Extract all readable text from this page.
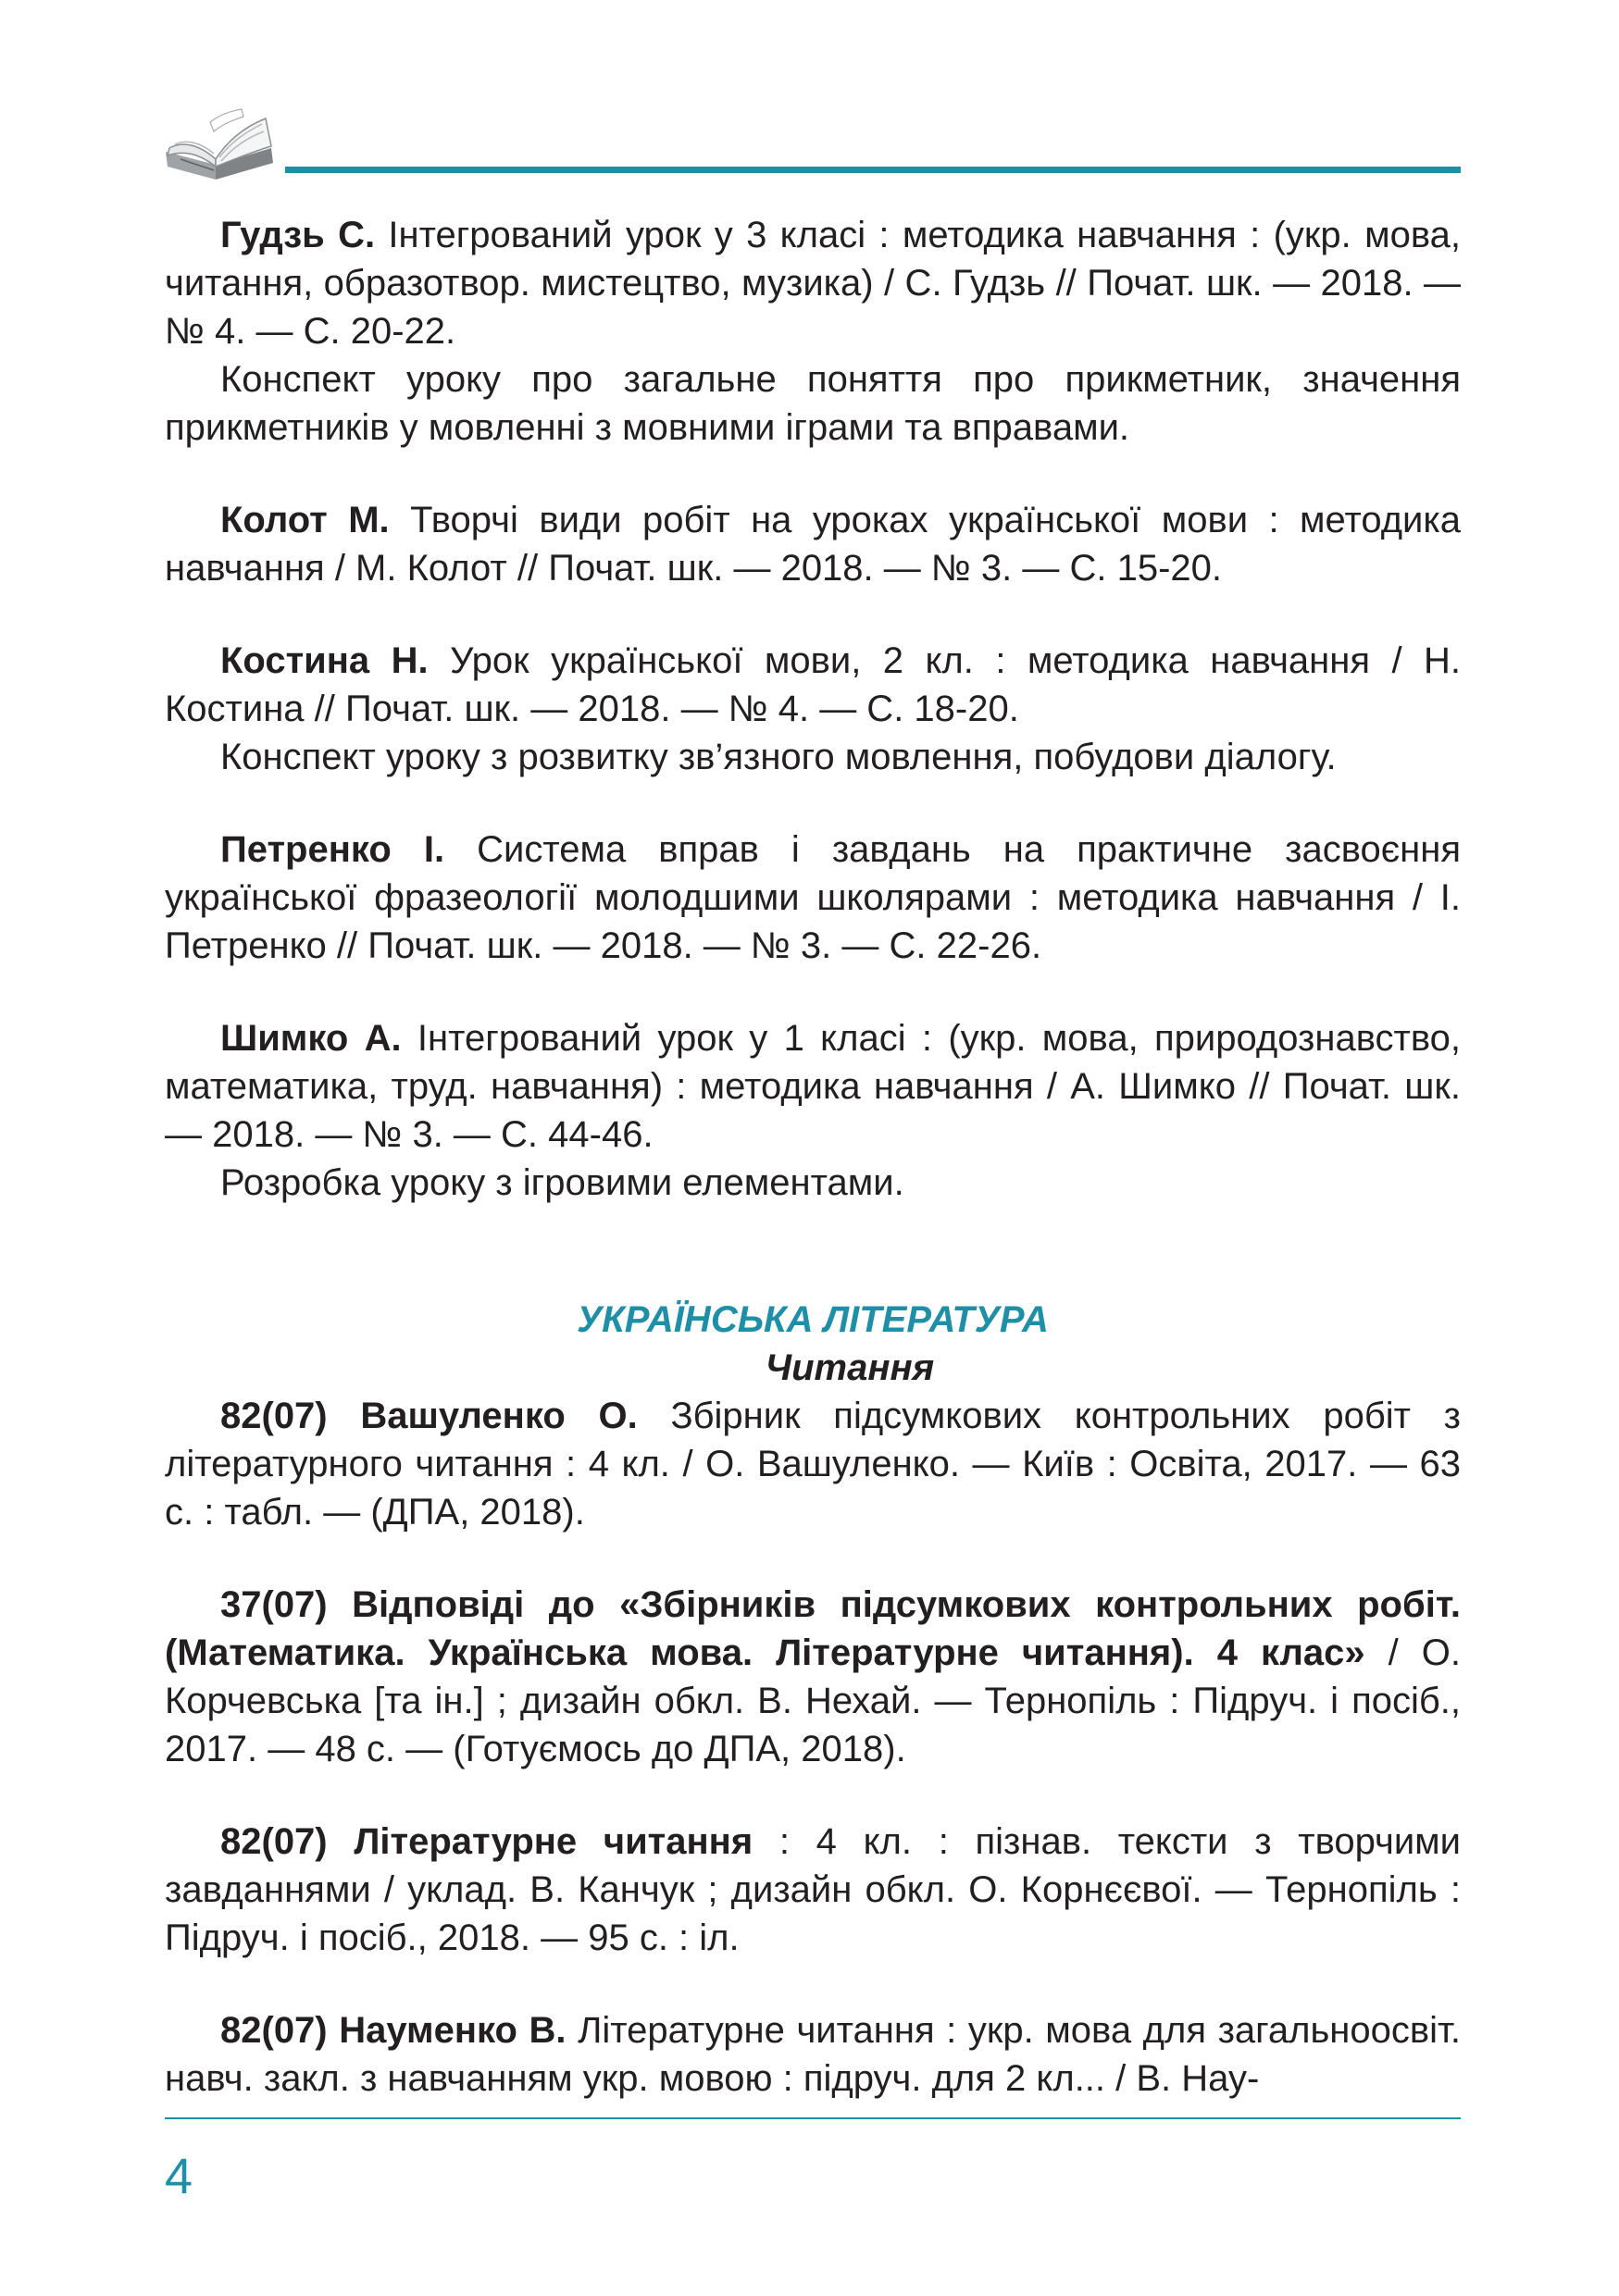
Гудзь С. Інтегрований урок у 3 класі : методика навчання : (укр. мова, читання, образотвор. мистецтво, музика) / С. Гудзь // Почат. шк. — 2018. — № 4. — С. 20-22.

Конспект уроку про загальне поняття про прикметник, значення прикметників у мовленні з мовними іграми та вправами.

Колот М. Творчі види робіт на уроках української мови : методика навчання / М. Колот // Почат. шк. — 2018. — № 3. — С. 15-20.

Костина Н. Урок української мови, 2 кл. : методика навчання / Н. Костина // Почат. шк. — 2018. — № 4. — С. 18-20.

Конспект уроку з розвитку зв’язного мовлення, побудови діалогу.

Петренко І. Система вправ і завдань на практичне засвоєння української фразеології молодшими школярами : методика навчання / І. Петренко // Почат. шк. — 2018. — № 3. — С. 22-26.

Шимко А. Інтегрований урок у 1 класі : (укр. мова, природознавство, математика, труд. навчання) : методика навчання / А. Шимко // Почат. шк. — 2018. — № 3. — С. 44-46.

Розробка уроку з ігровими елементами.

УКРАЇНСЬКА ЛІТЕРАТУРА

Читання

82(07) Вашуленко О. Збірник підсумкових контрольних робіт з літературного читання : 4 кл. / О. Вашуленко. — Київ : Освіта, 2017. — 63 с. : табл. — (ДПА, 2018).

37(07) Відповіді до «Збірників підсумкових контрольних робіт. (Математика. Українська мова. Літературне читання). 4 клас» / О. Корчевська [та ін.] ; дизайн обкл. В. Нехай. — Тернопіль : Підруч. і посіб., 2017. — 48 с. — (Готуємось до ДПА, 2018).

82(07) Літературне читання : 4 кл. : пізнав. тексти з творчими завданнями / уклад. В. Канчук ; дизайн обкл. О. Корнєєвої. — Тернопіль : Підруч. і посіб., 2018. — 95 с. : іл.

82(07) Науменко В. Літературне читання : укр. мова для загальноосвіт. навч. закл. з навчанням укр. мовою : підруч. для 2 кл... / В. Нау-

4
